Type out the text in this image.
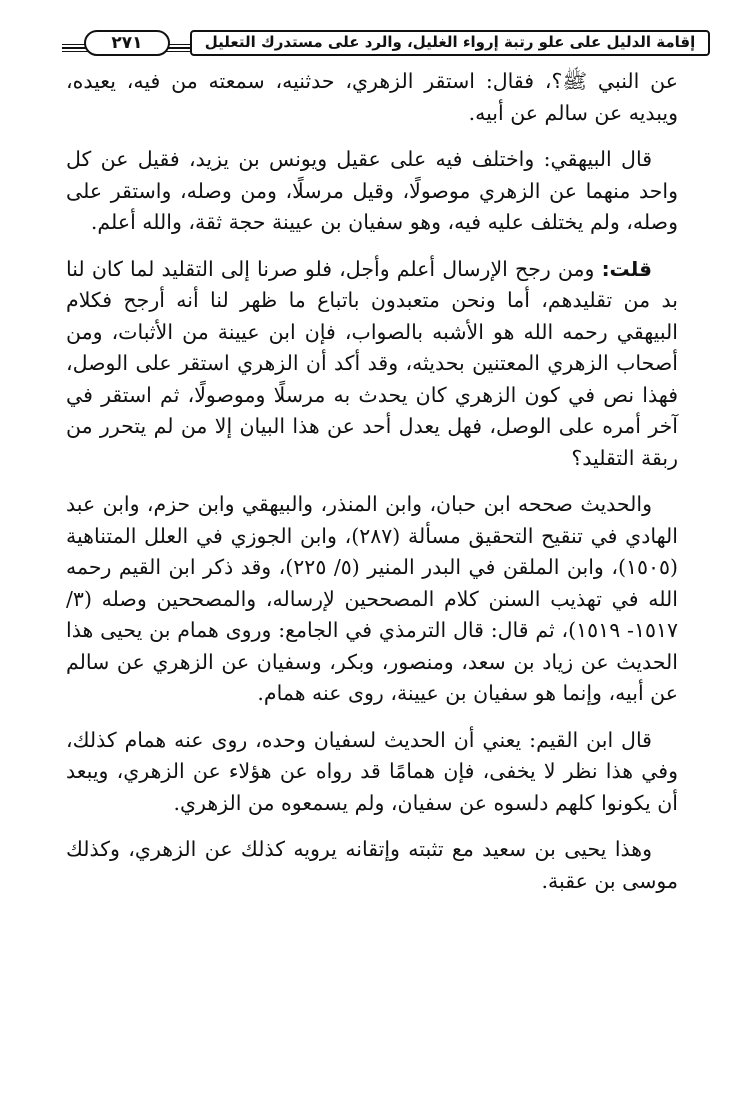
إقامة الدليل على علو رتبة إرواء الغليل، والرد على مستدرك التعليل
٢٧١

عن النبي ﷺ؟، فقال: استقر الزهري، حدثنيه، سمعته من فيه، يعيده، ويبديه عن سالم عن أبيه.

قال البيهقي: واختلف فيه على عقيل ويونس بن يزيد، فقيل عن كل واحد منهما عن الزهري موصولًا، وقيل مرسلًا، ومن وصله، واستقر على وصله، ولم يختلف عليه فيه، وهو سفيان بن عيينة حجة ثقة، والله أعلم.

قلت: ومن رجح الإرسال أعلم وأجل، فلو صرنا إلى التقليد لما كان لنا بد من تقليدهم، أما ونحن متعبدون باتباع ما ظهر لنا أنه أرجح فكلام البيهقي رحمه الله هو الأشبه بالصواب، فإن ابن عيينة من الأثبات، ومن أصحاب الزهري المعتنين بحديثه، وقد أكد أن الزهري استقر على الوصل، فهذا نص في كون الزهري كان يحدث به مرسلًا وموصولًا، ثم استقر في آخر أمره على الوصل، فهل يعدل أحد عن هذا البيان إلا من لم يتحرر من ربقة التقليد؟

والحديث صححه ابن حبان، وابن المنذر، والبيهقي وابن حزم، وابن عبد الهادي في تنقيح التحقيق مسألة (٢٨٧)، وابن الجوزي في العلل المتناهية (١٥٠٥)، وابن الملقن في البدر المنير (٥/ ٢٢٥)، وقد ذكر ابن القيم رحمه الله في تهذيب السنن كلام المصححين لإرساله، والمصححين وصله (٣/ ١٥١٧- ١٥١٩)، ثم قال: قال الترمذي في الجامع: وروى همام بن يحيى هذا الحديث عن زياد بن سعد، ومنصور، وبكر، وسفيان عن الزهري عن سالم عن أبيه، وإنما هو سفيان بن عيينة، روى عنه همام.

قال ابن القيم: يعني أن الحديث لسفيان وحده، روى عنه همام كذلك، وفي هذا نظر لا يخفى، فإن همامًا قد رواه عن هؤلاء عن الزهري، ويبعد أن يكونوا كلهم دلسوه عن سفيان، ولم يسمعوه من الزهري.

وهذا يحيى بن سعيد مع تثبته وإتقانه يرويه كذلك عن الزهري، وكذلك موسى بن عقبة.
